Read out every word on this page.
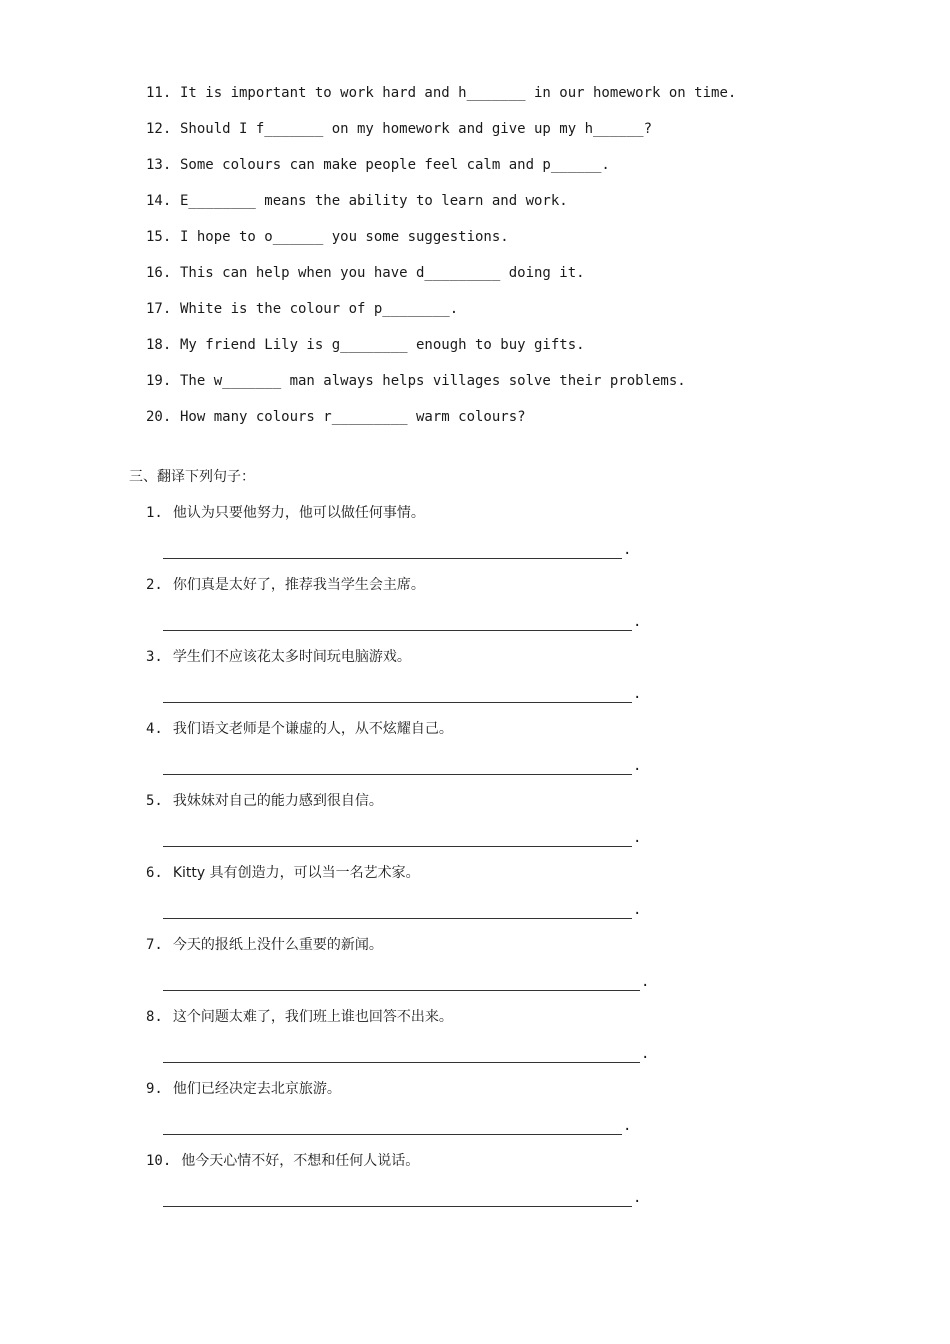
11. It is important to work hard and h_______ in our homework on time.
12. Should I f_______ on my homework and give up my h______?
13. Some colours can make people feel calm and p______.
14. E________ means the ability to learn and work.
15. I hope to o______ you some suggestions.
16. This can help when you have d_________ doing it.
17. White is the colour of p________.
18. My friend Lily is g________ enough to buy gifts.
19. The w_______ man always helps villages solve their problems.
20. How many colours r_________ warm colours?
三、翻译下列句子：
1. 他认为只要他努力，他可以做任何事情。
.
2. 你们真是太好了，推荐我当学生会主席。
.
3. 学生们不应该花太多时间玩电脑游戏。
.
4. 我们语文老师是个谦虚的人，从不炫耀自己。
.
5. 我妹妹对自己的能力感到很自信。
.
6. Kitty 具有创造力，可以当一名艺术家。
.
7. 今天的报纸上没什么重要的新闻。
.
8. 这个问题太难了，我们班上谁也回答不出来。
.
9. 他们已经决定去北京旅游。
.
10. 他今天心情不好，不想和任何人说话。
.
